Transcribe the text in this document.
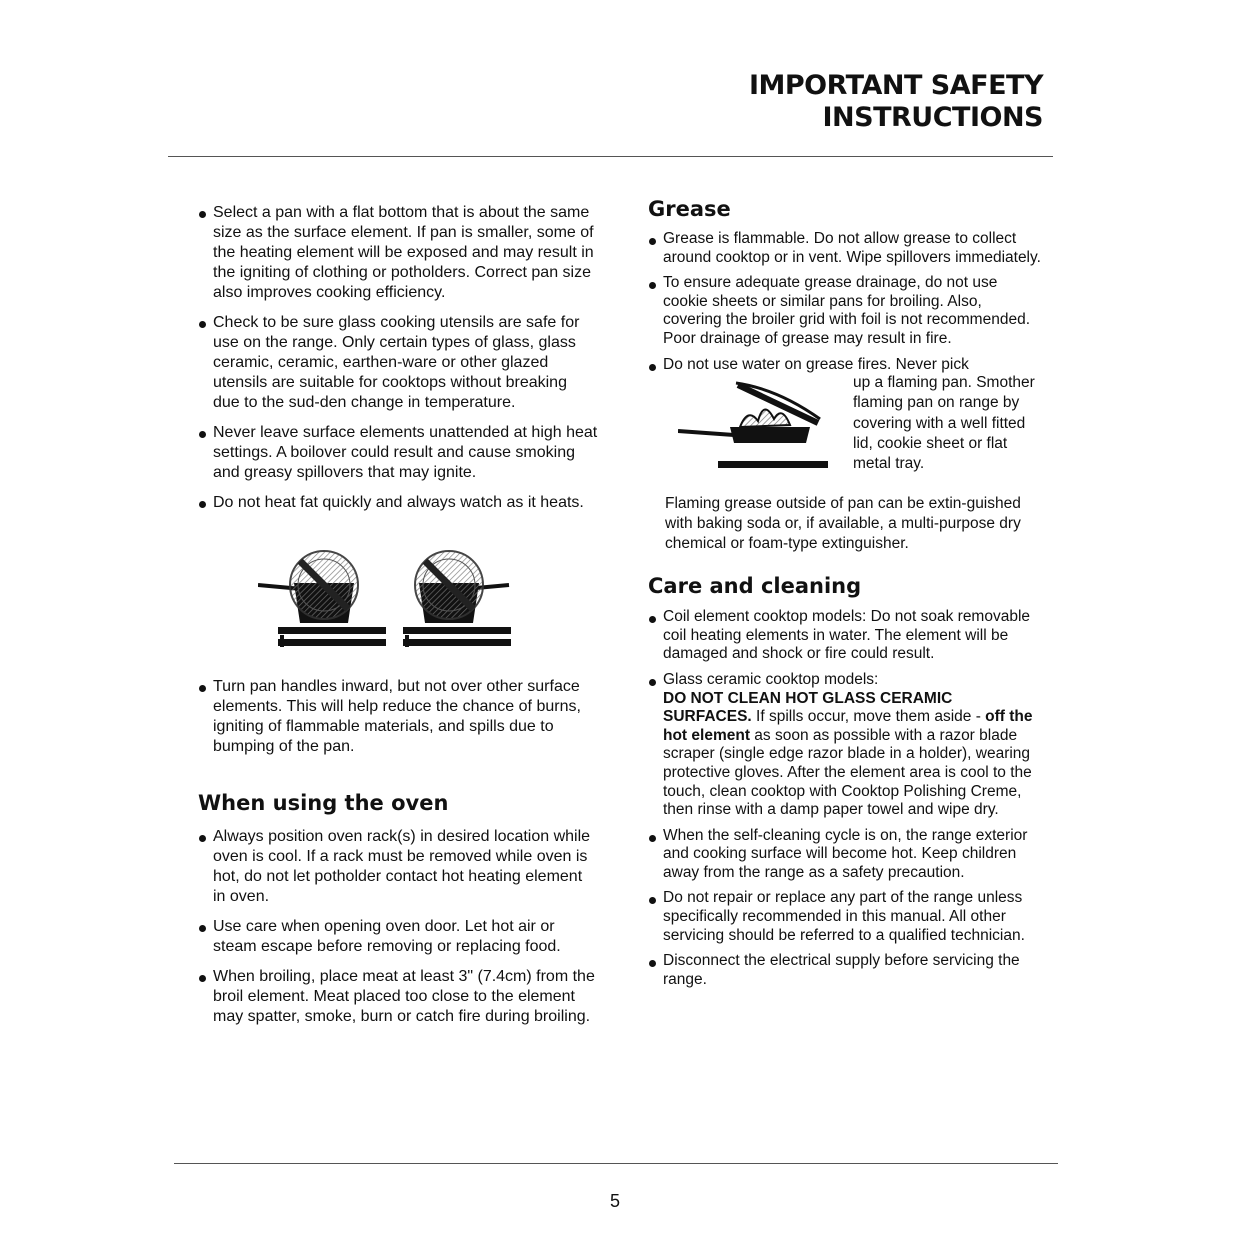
IMPORTANT SAFETY
INSTRUCTIONS
Select a pan with a flat bottom that is about the same size as the surface element. If pan is smaller, some of the heating element will be exposed and may result in the igniting of clothing or potholders. Correct pan size also improves cooking efficiency.
Check to be sure glass cooking utensils are safe for use on the range. Only certain types of glass, glass ceramic, ceramic, earthen-ware or other glazed utensils are suitable for cooktops without breaking due to the sud-den change in temperature.
Never leave surface elements unattended at high heat settings. A boilover could result and cause smoking and greasy spillovers that may ignite.
Do not heat fat quickly and always watch as it heats.
Turn pan handles inward, but not over other surface elements. This will help reduce the chance of burns, igniting of flammable materials, and spills due to bumping of the pan.
When using the oven
Always position oven rack(s) in desired location while oven is cool. If a rack must be removed while oven is hot, do not let potholder contact hot heating element in oven.
Use care when opening oven door. Let hot air or steam escape before removing or replacing food.
When broiling, place meat at least 3" (7.4cm) from the broil element. Meat placed too close to the element may spatter, smoke, burn or catch fire during broiling.
Grease
Grease is flammable. Do not allow grease to collect around cooktop or in vent. Wipe spillovers immediately.
To ensure adequate grease drainage, do not use cookie sheets or similar pans for broiling. Also, covering the broiler grid with foil is not recommended. Poor drainage of grease may result in fire.
Do not use water on grease fires. Never pick
up a flaming pan. Smother flaming pan on range by covering with a well fitted lid, cookie sheet or flat metal tray.
Flaming grease outside of pan can be extin-guished with baking soda or, if available, a multi-purpose dry chemical or foam-type extinguisher.
Care and cleaning
Coil element cooktop models: Do not soak removable coil heating elements in water. The element will be damaged and shock or fire could result.
Glass ceramic cooktop models:
DO NOT CLEAN HOT GLASS CERAMIC SURFACES. If spills occur, move them aside - off the hot element as soon as possible with a razor blade scraper (single edge razor blade in a holder), wearing protective gloves. After the element area is cool to the touch, clean cooktop with Cooktop Polishing Creme, then rinse with a damp paper towel and wipe dry.
When the self-cleaning cycle is on, the range exterior and cooking surface will become hot. Keep children away from the range as a safety precaution.
Do not repair or replace any part of the range unless specifically recommended in this manual. All other servicing should be referred to a qualified technician.
Disconnect the electrical supply before servicing the range.
5
